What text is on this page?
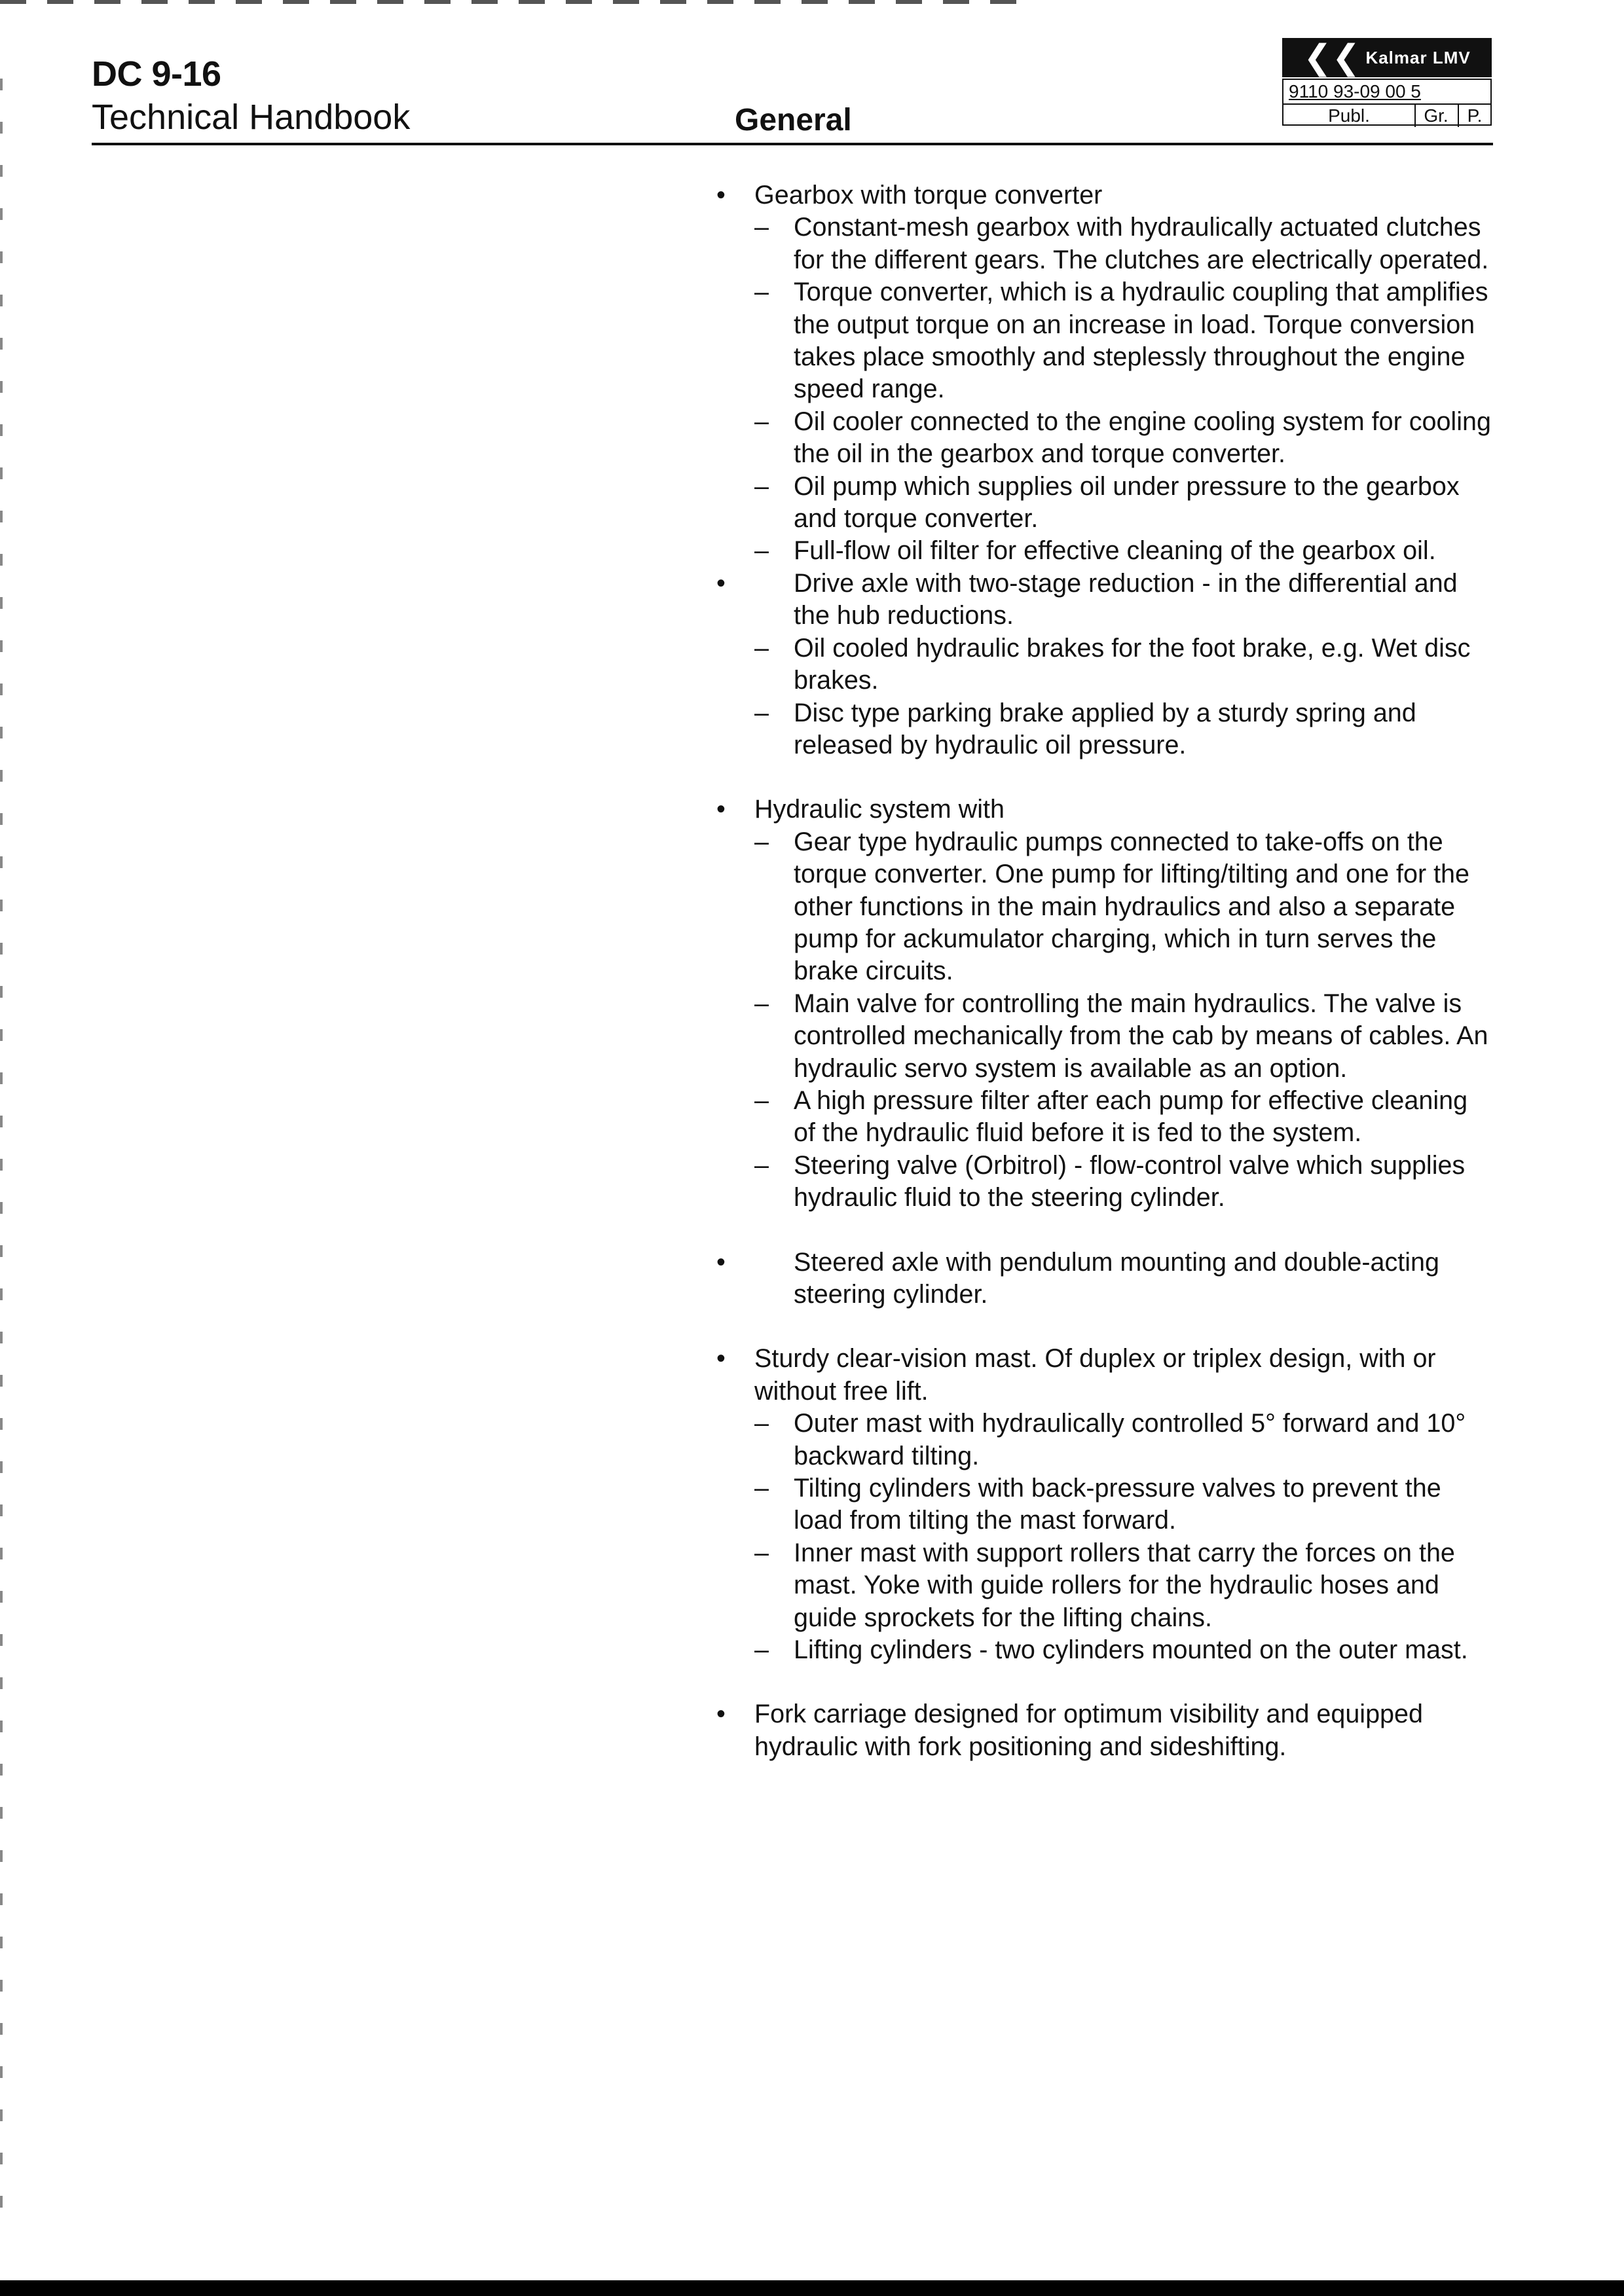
DC 9-16
Technical Handbook	General
❮❮ Kalmar LMV
9110 93-09 00 5
Publ.	Gr.	P.
• Gearbox with torque converter
– Constant-mesh gearbox with hydraulically actuated clutches for the different gears. The clutches are electrically operated.
– Torque converter, which is a hydraulic coupling that amplifies the output torque on an increase in load. Torque conversion takes place smoothly and steplessly throughout the engine speed range.
– Oil cooler connected to the engine cooling system for cooling the oil in the gearbox and torque converter.
– Oil pump which supplies oil under pressure to the gearbox and torque converter.
– Full-flow oil filter for effective cleaning of the gearbox oil.
•	Drive axle with two-stage reduction - in the differential and the hub reductions.
– Oil cooled hydraulic brakes for the foot brake, e.g. Wet disc brakes.
– Disc type parking brake applied by a sturdy spring and released by hydraulic oil pressure.
• Hydraulic system with
– Gear type hydraulic pumps connected to take-offs on the torque converter. One pump for lifting/tilting and one for the other functions in the main hydraulics and also a separate pump for ackumulator charging, which in turn serves the brake circuits.
– Main valve for controlling the main hydraulics. The valve is controlled mechanically from the cab by means of cables. An hydraulic servo system is available as an option.
– A high pressure filter after each pump for effective cleaning of the hydraulic fluid before it is fed to the system.
– Steering valve (Orbitrol) - flow-control valve which supplies hydraulic fluid to the steering cylinder.
•	Steered axle with pendulum mounting and double-acting steering cylinder.
• Sturdy clear-vision mast. Of duplex or triplex design, with or without free lift.
– Outer mast with hydraulically controlled 5° forward and 10° backward tilting.
– Tilting cylinders with back-pressure valves to prevent the load from tilting the mast forward.
– Inner mast with support rollers that carry the forces on the mast. Yoke with guide rollers for the hydraulic hoses and guide sprockets for the lifting chains.
– Lifting cylinders - two cylinders mounted on the outer mast.
• Fork carriage designed for optimum visibility and equipped hydraulic with fork positioning and sideshifting.
